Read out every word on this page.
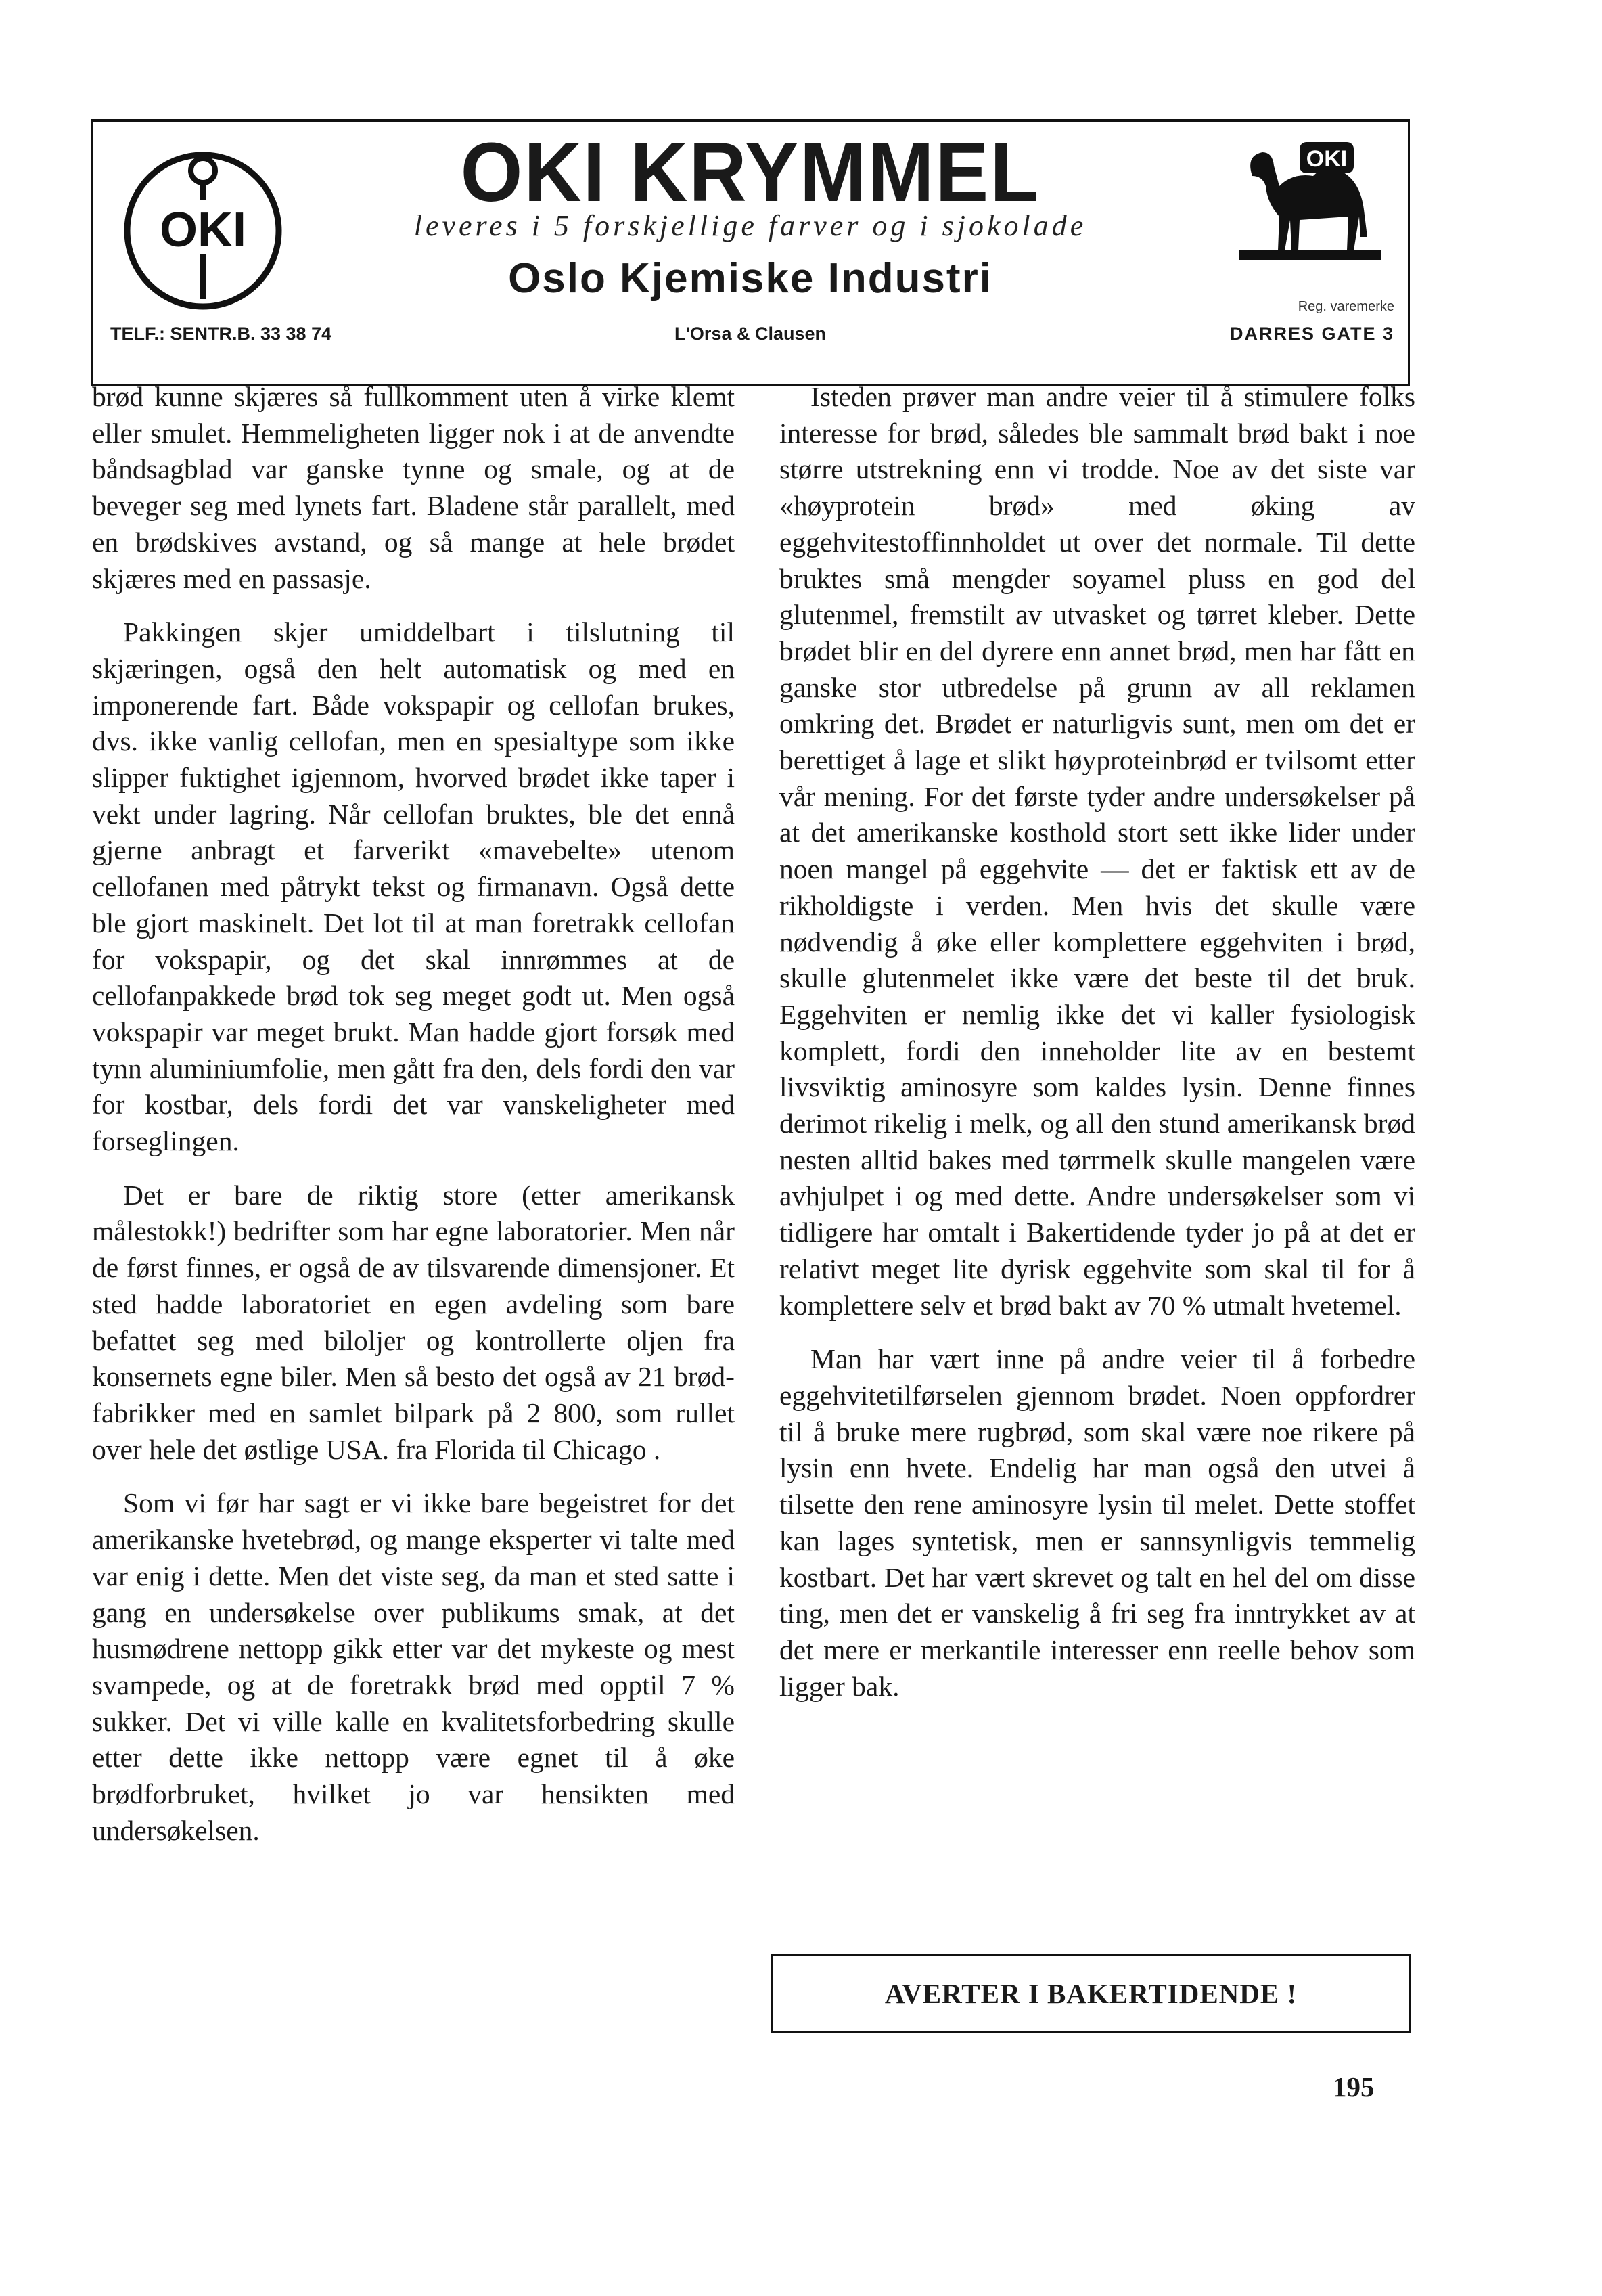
OKI
OKI KRYMMEL
leveres i 5 forskjellige farver og i sjokolade
Oslo Kjemiske Industri
L'Orsa & Clausen
TELF.: SENTR.B. 33 38 74
OKI
Reg. varemerke
DARRES GATE 3

brød kunne skjæres så fullkomment uten å virke klemt eller smulet. Hemmeligheten ligger nok i at de anvendte båndsagblad var ganske tynne og smale, og at de beveger seg med lynets fart. Bladene står parallelt, med en brødskives avstand, og så mange at hele brødet skjæres med en passasje.

Pakkingen skjer umiddelbart i tilslutning til skjæringen, også den helt automatisk og med en imponerende fart. Både vokspapir og cellofan brukes, dvs. ikke vanlig cellofan, men en spesialtype som ikke slipper fuktighet igjennom, hvorved brødet ikke taper i vekt under lagring. Når cellofan bruktes, ble det ennå gjerne anbragt et farverikt «mavebelte» utenom cellofanen med påtrykt tekst og firmanavn. Også dette ble gjort maskinelt. Det lot til at man foretrakk cellofan for vokspapir, og det skal innrømmes at de cellofanpakkede brød tok seg meget godt ut. Men også vokspapir var meget brukt. Man hadde gjort forsøk med tynn aluminiumfolie, men gått fra den, dels fordi den var for kostbar, dels fordi det var vanskeligheter med forseglingen.

Det er bare de riktig store (etter amerikansk målestokk!) bedrifter som har egne laboratorier. Men når de først finnes, er også de av tilsvarende dimensjoner. Et sted hadde laboratoriet en egen avdeling som bare befattet seg med biloljer og kontrollerte oljen fra konsernets egne biler. Men så besto det også av 21 brødfabrikker med en samlet bilpark på 2 800, som rullet over hele det østlige USA. fra Florida til Chicago .

Som vi før har sagt er vi ikke bare begeistret for det amerikanske hvetebrød, og mange eksperter vi talte med var enig i dette. Men det viste seg, da man et sted satte i gang en undersøkelse over publikums smak, at det husmødrene nettopp gikk etter var det mykeste og mest svampede, og at de foretrakk brød med opptil 7 % sukker. Det vi ville kalle en kvalitetsforbedring skulle etter dette ikke nettopp være egnet til å øke brødforbruket, hvilket jo var hensikten med undersøkelsen.

Isteden prøver man andre veier til å stimulere folks interesse for brød, således ble sammalt brød bakt i noe større utstrekning enn vi trodde. Noe av det siste var «høyprotein brød» med øking av eggehvitestoffinnholdet ut over det normale. Til dette bruktes små mengder soyamel pluss en god del glutenmel, fremstilt av utvasket og tørret kleber. Dette brødet blir en del dyrere enn annet brød, men har fått en ganske stor utbredelse på grunn av all reklamen omkring det. Brødet er naturligvis sunt, men om det er berettiget å lage et slikt høyproteinbrød er tvilsomt etter vår mening. For det første tyder andre undersøkelser på at det amerikanske kosthold stort sett ikke lider under noen mangel på eggehvite — det er faktisk ett av de rikholdigste i verden. Men hvis det skulle være nødvendig å øke eller komplettere eggehviten i brød, skulle glutenmelet ikke være det beste til det bruk. Eggehviten er nemlig ikke det vi kaller fysiologisk komplett, fordi den inneholder lite av en bestemt livsviktig aminosyre som kaldes lysin. Denne finnes derimot rikelig i melk, og all den stund amerikansk brød nesten alltid bakes med tørrmelk skulle mangelen være avhjulpet i og med dette. Andre undersøkelser som vi tidligere har omtalt i Bakertidende tyder jo på at det er relativt meget lite dyrisk eggehvite som skal til for å komplettere selv et brød bakt av 70 % utmalt hvetemel.

Man har vært inne på andre veier til å forbedre eggehvitetilførselen gjennom brødet. Noen oppfordrer til å bruke mere rugbrød, som skal være noe rikere på lysin enn hvete. Endelig har man også den utvei å tilsette den rene aminosyre lysin til melet. Dette stoffet kan lages syntetisk, men er sannsynligvis temmelig kostbart. Det har vært skrevet og talt en hel del om disse ting, men det er vanskelig å fri seg fra inntrykket av at det mere er merkantile interesser enn reelle behov som ligger bak.

AVERTER I BAKERTIDENDE !
195
